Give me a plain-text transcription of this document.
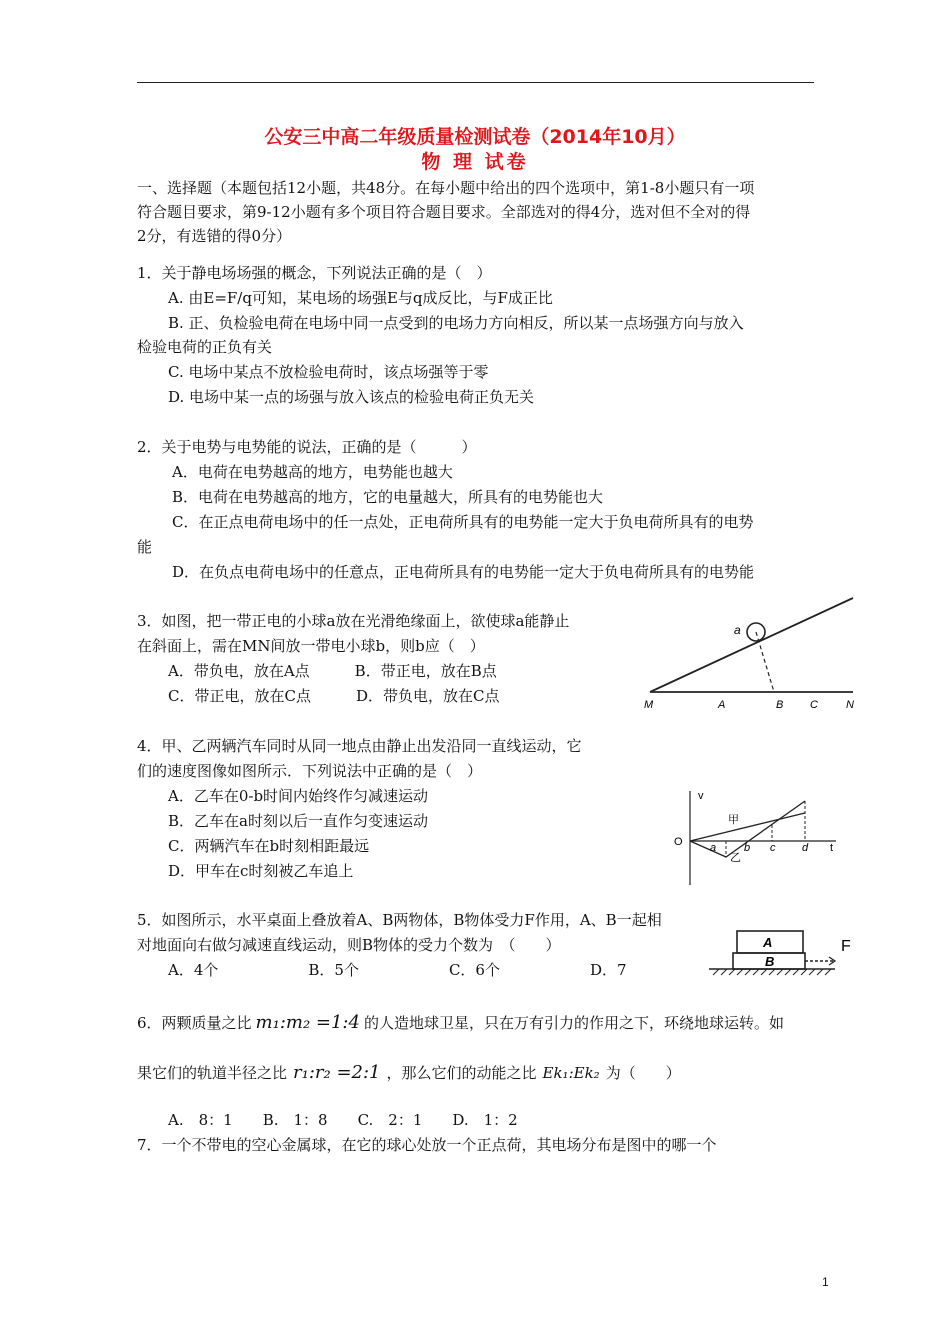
公安三中高二年级质量检测试卷（2014年10月）
物 理 试卷
一、选择题（本题包括12小题，共48分。在每小题中给出的四个选项中，第1-8小题只有一项
符合题目要求，第9-12小题有多个项目符合题目要求。全部选对的得4分，选对但不全对的得
2分，有选错的得0分）
1．关于静电场场强的概念，下列说法正确的是（　）
A. 由E=F/q可知，某电场的场强E与q成反比，与F成正比
B. 正、负检验电荷在电场中同一点受到的电场力方向相反，所以某一点场强方向与放入
检验电荷的正负有关
C. 电场中某点不放检验电荷时，该点场强等于零
D. 电场中某一点的场强与放入该点的检验电荷正负无关
2．关于电势与电势能的说法，正确的是（　　　）
A．电荷在电势越高的地方，电势能也越大
B．电荷在电势越高的地方，它的电量越大，所具有的电势能也大
C．在正点电荷电场中的任一点处，正电荷所具有的电势能一定大于负电荷所具有的电势
能
D．在负点电荷电场中的任意点，正电荷所具有的电势能一定大于负电荷所具有的电势能
3．如图，把一带正电的小球a放在光滑绝缘面上，欲使球a能静止
在斜面上，需在MN间放一带电小球b，则b应（　）
A．带负电，放在A点　　　B．带正电，放在B点
C．带正电，放在C点　　　D．带负电，放在C点
a
M	A	B C	N
4．甲、乙两辆汽车同时从同一地点由静止出发沿同一直线运动，它
们的速度图像如图所示．下列说法中正确的是（　）
A．乙车在0-b时间内始终作匀减速运动
B．乙车在a时刻以后一直作匀变速运动
C．两辆汽车在b时刻相距最远
D．甲车在c时刻被乙车追上
v
t
O
甲
乙
a	b c d
5．如图所示，水平桌面上叠放着A、B两物体，B物体受力F作用，A、B一起相
对地面向右做匀减速直线运动，则B物体的受力个数为　（　　）
A．4个　　　　　　B．5个　　　　　　C．6个　　　　　　D．7
A
B
F
6．两颗质量之比 m₁:m₂ =1:4 的人造地球卫星，只在万有引力的作用之下，环绕地球运转。如
果它们的轨道半径之比 r₁:r₂ =2:1 ，那么它们的动能之比 Ek₁:Ek₂ 为（　　）
A.　8：1　　B.　1：8　　C.　2：1　　D.　1：2
7．一个不带电的空心金属球，在它的球心处放一个正点荷，其电场分布是图中的哪一个
1
